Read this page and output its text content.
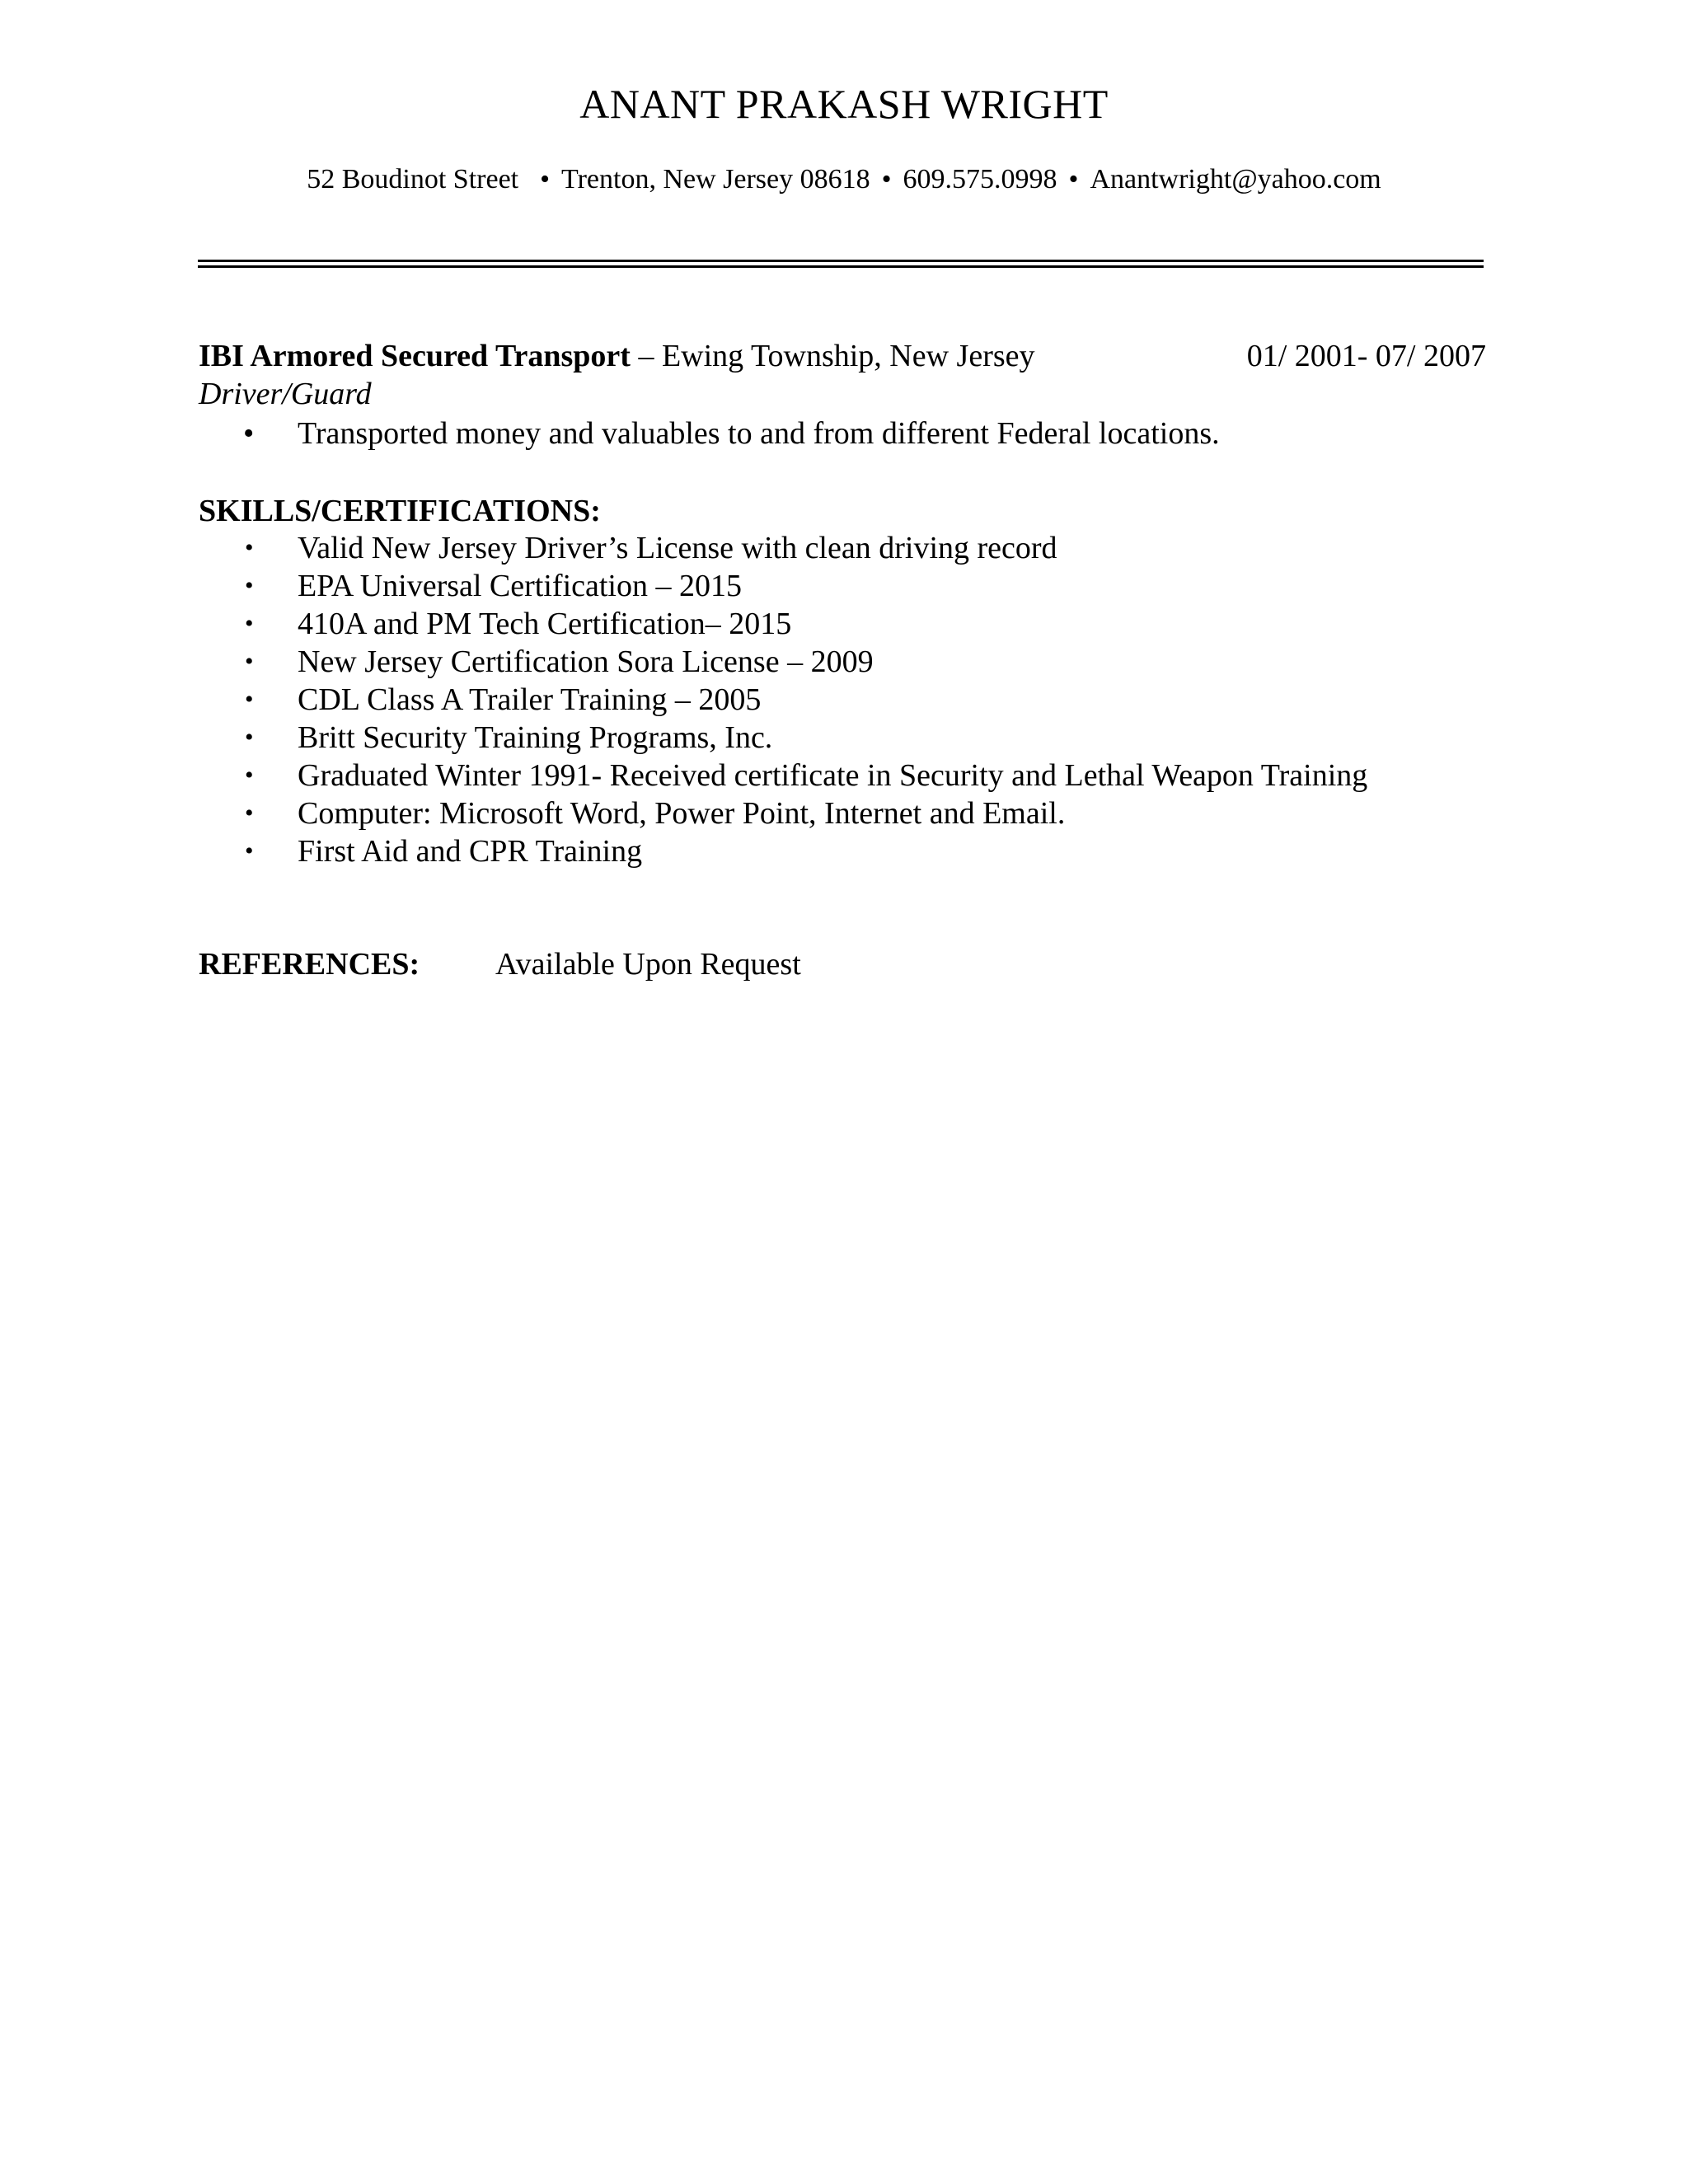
ANANT PRAKASH WRIGHT
52 Boudinot Street • Trenton, New Jersey 08618 • 609.575.0998 • Anantwright@yahoo.com
IBI Armored Secured Transport – Ewing Township, New Jersey	01/ 2001- 07/ 2007
Driver/Guard
• Transported money and valuables to and from different Federal locations.
SKILLS/CERTIFICATIONS:
• Valid New Jersey Driver’s License with clean driving record
• EPA Universal Certification – 2015
• 410A and PM Tech Certification– 2015
• New Jersey Certification Sora License – 2009
• CDL Class A Trailer Training – 2005
• Britt Security Training Programs, Inc.
• Graduated Winter 1991- Received certificate in Security and Lethal Weapon Training
• Computer: Microsoft Word, Power Point, Internet and Email.
• First Aid and CPR Training
REFERENCES: Available Upon Request
